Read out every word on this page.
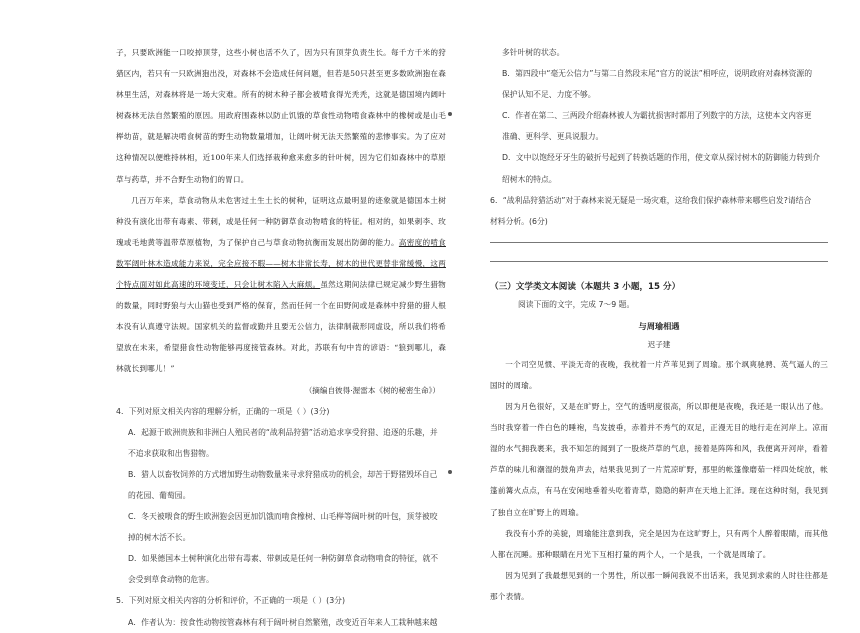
子，只要欧洲能一口咬掉顶芽，这些小树也活不久了，因为只有顶芽负责生长。每千方千米的狩猎区内，若只有一只欧洲狍出没，对森林不会造成任何问题，但若是50只甚至更多数欧洲狍在森林里生活，对森林将是一场大灾难。所有的树木种子都会被啃食得光秃秃，这就是德国境内阔叶树森林无法自然繁殖的原因。用政府围森林以防止饥饿的草食性动物啃食森林中的橡树或是山毛榉幼苗，就是解决啃食树苗的野生动物数量增加，让阔叶树无法天然繁殖的悲惨事实。为了应对这种情况以便维持林相，近100年来人们选择栽种愈来愈多的针叶树，因为它们如森林中的草原草与药草，并不合野生动物们的胃口。

几百万年来，草食动物从未危害过土生土长的树种，证明这点最明显的迹象就是德国本土树种没有演化出带有毒素、带刺，或是任何一种防御草食动物啃食的特征。相对的，如果刺李、玫瑰或毛地黄等温带草原植物，为了保护自己与草食动物抗衡而发展出防御的能力。高密度的啃食数军阔叶林木造成能力来说，完全应接不暇——树木非常长寿，树木的世代更替非常缓慢，这两个特点面对如此高速的环境变迁，只会让树木陷入大麻烦。虽然这期间法律已规定减少野生猎物的数量，同时野狼与大山猫也受到严格的保育，然而任何一个在田野间或是森林中狩猎的猎人根本没有认真遵守法规。国家机关的监督或勤并且要无公信力，法律制裁形同虚设，所以我们将希望放在未来，希望猎食性动物能够再度接管森林。对此，苏联有句中肯的谚语：“狼到哪儿，森林就长到哪儿！”

（摘编自彼得·渥雷本《树的秘密生命》）

4．下列对原文相关内容的理解分析，正确的一项是（ ）(3分)

A．起源于欧洲贵族和非洲白人殖民者的“战利品狩猎”活动追求享受狩猎、追逐的乐趣，并
不追求获取和出售猎物。

B．猎人以畜牧饲养的方式增加野生动物数量来寻求狩猎成功的机会，却苦于野猪毁坏自己
的花园、葡萄园。

C．冬天被喂食的野生欧洲狍会因更加饥饿而啃食橡树、山毛榉等阔叶树的叶包，顶芽被咬
掉的树木活不长。

D．如果德国本土树种演化出带有毒素、带刺或是任何一种防御草食动物啃食的特征，就不
会受到草食动物的危害。

5．下列对原文相关内容的分析和评价，不正确的一项是（ ）(3分)

A．作者认为：按食性动物按管森林有利于阔叶树自然繁殖，改变近百年来人工栽种越来越

多针叶树的状态。

B．第四段中“毫无公信力”与第二自然段末尾“官方的说法”相呼应，说明政府对森林资源的
保护认知不足、力度不够。

C．作者在第二、三两段介绍森林被人为霸扰损害时都用了列数字的方法，这使本文内容更
准确、更科学、更具说服力。

D．文中以饱经牙牙生的破折号起到了转换话题的作用，使文章从探讨树木的防御能力转到介
绍树木的特点。

6．“战利品狩猎活动”对于森林来说无疑是一场灾难，这给我们保护森林带来哪些启发?请结合
材料分析。(6分)

（三）文学类文本阅读（本题共 3 小题，15 分）

阅读下面的文字，完成 7～9 题。

与周瑜相遇

迟子建

一个司空见惯、平淡无奇的夜晚，我枕着一片芦苇见到了周瑜。那个飒爽驰骋、英气逼人的三国时的周瑜。

因为月色很好，又是在旷野上，空气的透明度很高，所以即便是夜晚，我还是一眼认出了他。当时我穿着一件白色的睡袍，鸟发披垂，赤着并不秀气的双足，正漫无目的地行走在河岸上。凉而湿的水气拥我裹来，我不知怎的闻到了一股烧芦草的气息，接着是阵阵和风，我便离开河岸，看着芦草的味儿和潮湿的鼓角声去，结果我见到了一片荒凉旷野，那里的帐篷像磨茹一样四处绽放，帐篷前篝火点点，有马在安闲地垂着头吃着青草，隐隐的鼾声在天地上汇泽。现在这种时刻，我见到了独自立在旷野上的周瑜。

我没有小乔的美貌，周瑜能注意到我，完全是因为在这旷野上，只有两个人醉着眼睛，而其他人都在沉睡。那种眼睛在月光下互相打量的两个人，一个是我，一个就是周瑜了。

因为见到了我最想见到的一个男性，所以那一瞬间我说不出话来，我见到求索的人时往往都是那个表情。
